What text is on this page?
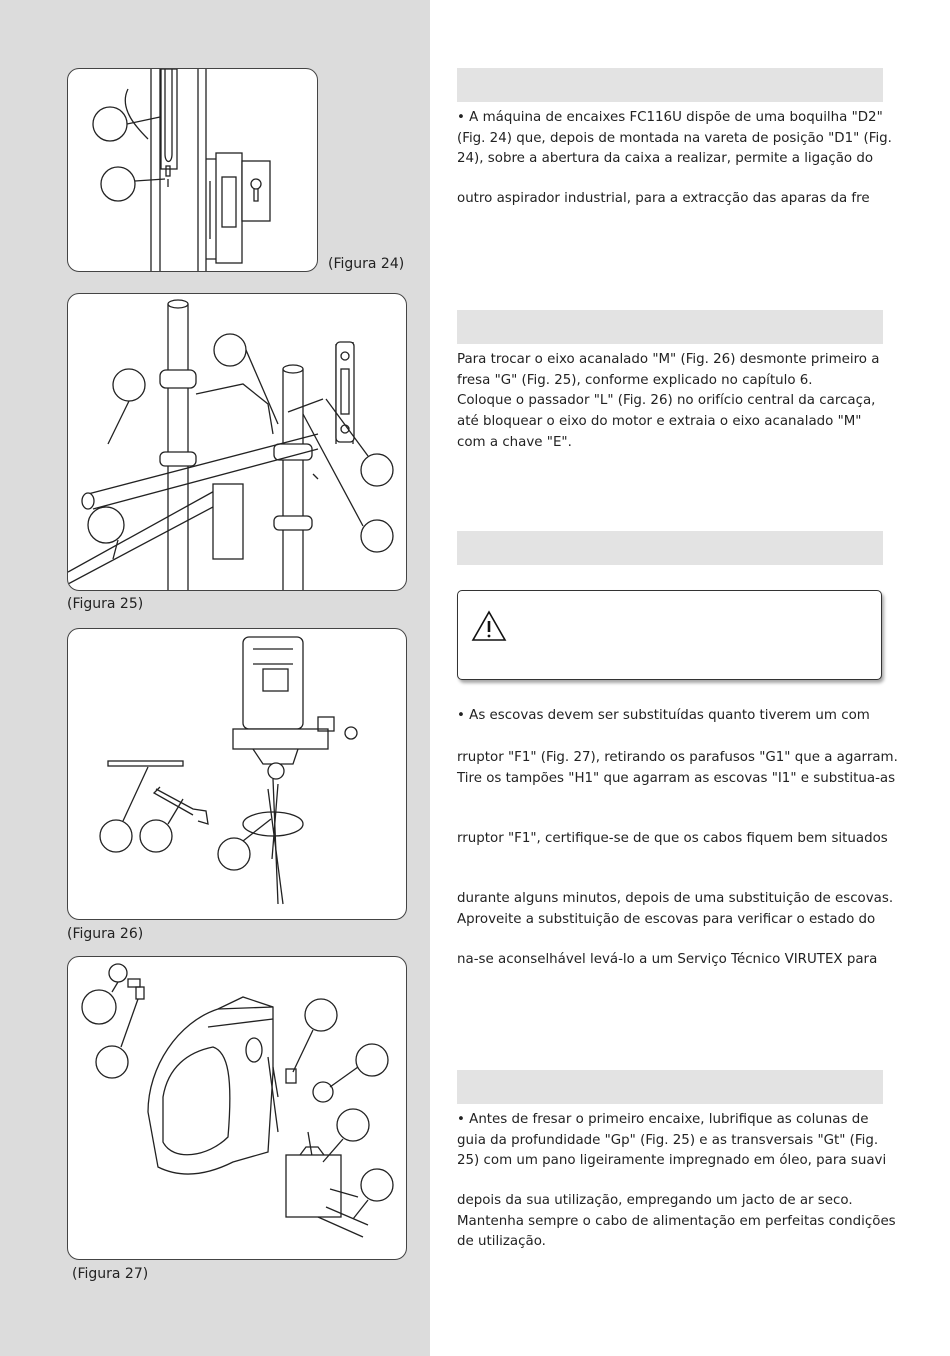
(Figura 24)
(Figura 25)
(Figura 26)
(Figura 27)
• A máquina de encaixes FC116U dispõe de uma boquilha "D2"
(Fig. 24) que, depois de montada na vareta de posição "D1" (Fig.
24), sobre a abertura da caixa a realizar, permite a ligação do
outro aspirador industrial, para a extracção das aparas da fre
Para trocar o eixo acanalado "M" (Fig. 26) desmonte primeiro a
fresa "G" (Fig. 25), conforme explicado no capítulo 6.
Coloque o passador "L" (Fig. 26) no orifício central da carcaça,
até bloquear o eixo do motor e extraia o eixo acanalado "M"
com a chave "E".
• As escovas devem ser substituídas quanto tiverem um com
rruptor "F1" (Fig. 27), retirando os parafusos "G1" que a agarram.
Tire os tampões "H1" que agarram as escovas "I1" e substitua-as
rruptor "F1", certifique-se de que os cabos fiquem bem situados
durante alguns minutos, depois de uma substituição de escovas.
Aproveite a substituição de escovas para verificar o estado do
na-se aconselhável levá-lo a um Serviço Técnico VIRUTEX para
• Antes de fresar o primeiro encaixe, lubrifique as colunas de
guia da profundidade "Gp" (Fig. 25) e as transversais "Gt" (Fig.
25) com um pano ligeiramente impregnado em óleo, para suavi
depois da sua utilização, empregando um jacto de ar seco.
Mantenha sempre o cabo de alimentação em perfeitas condições
de utilização.
